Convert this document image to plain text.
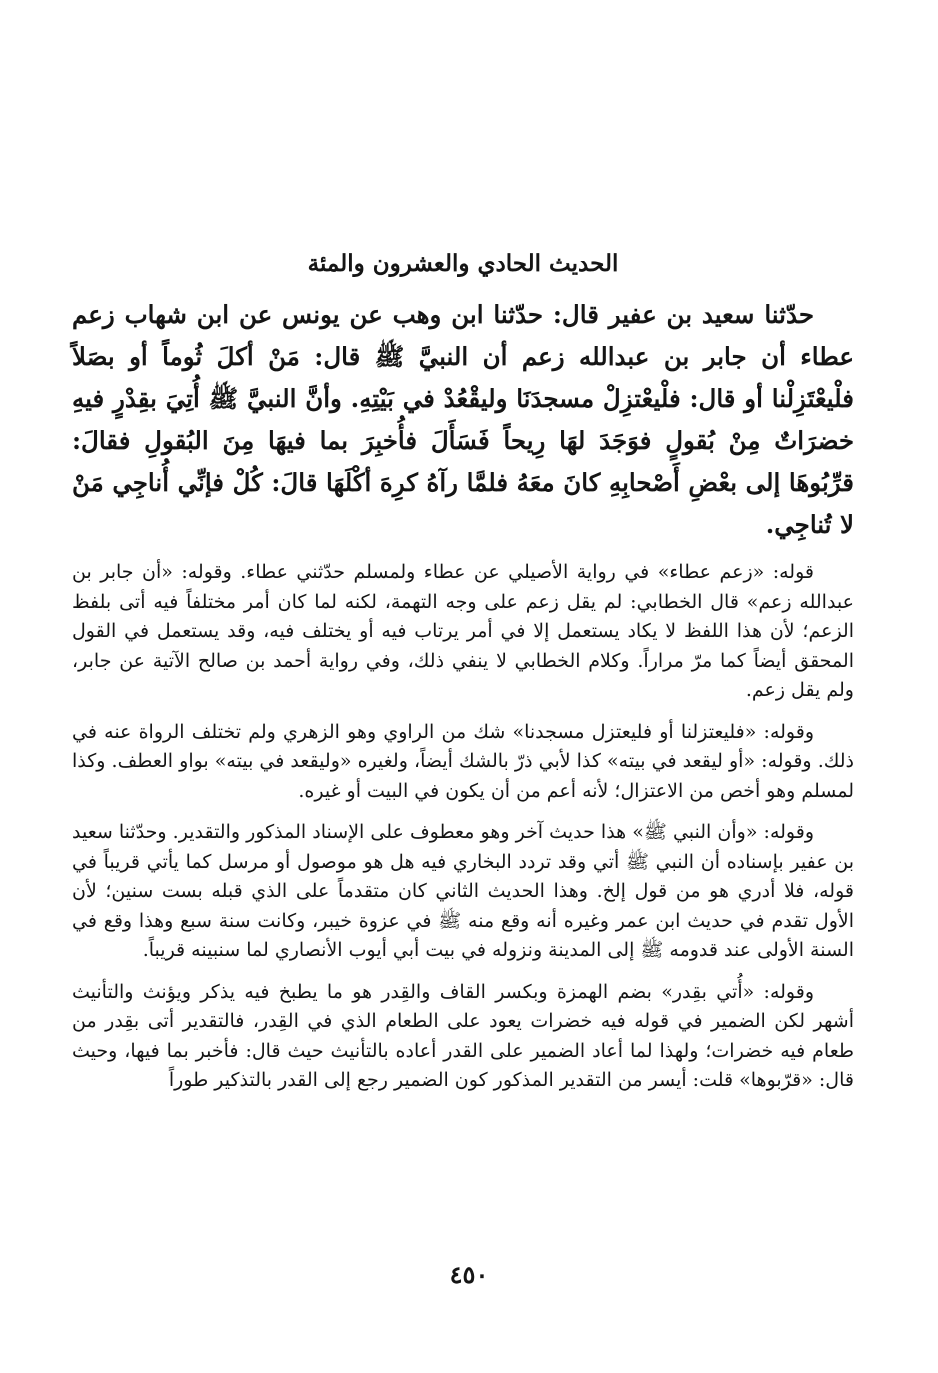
الحديث الحادي والعشرون والمئة

حدّثنا سعيد بن عفير قال: حدّثنا ابن وهب عن يونس عن ابن شهاب زعم عطاء أن جابر بن عبدالله زعم أن النبيَّ ﷺ قال: مَنْ أكلَ ثُوماً أو بصَلاً فلْيعْتَزِلْنا أو قال: فلْيعْتزِلْ مسجدَنَا وليقْعُدْ في بَيْتِهِ. وأنَّ النبيَّ ﷺ أُتِيَ بقِدْرٍ فيهِ خضرَاتٌ مِنْ بُقولٍ فوَجَدَ لهَا رِيحاً فَسَأَلَ فأُخبِرَ بما فيهَا مِنَ البُقولِ فقالَ: قرِّبُوهَا إلى بعْضِ أَصْحابِهِ كانَ معَهُ فلمَّا رآهُ كرِهَ أكْلَهَا قالَ: كُلْ فإنِّي أُناجِي مَنْ لا تُناجِي.

قوله: «زعم عطاء» في رواية الأصيلي عن عطاء ولمسلم حدّثني عطاء. وقوله: «أن جابر بن عبدالله زعم» قال الخطابي: لم يقل زعم على وجه التهمة، لكنه لما كان أمر مختلفاً فيه أتى بلفظ الزعم؛ لأن هذا اللفظ لا يكاد يستعمل إلا في أمر يرتاب فيه أو يختلف فيه، وقد يستعمل في القول المحقق أيضاً كما مرّ مراراً. وكلام الخطابي لا ينفي ذلك، وفي رواية أحمد بن صالح الآتية عن جابر، ولم يقل زعم.

وقوله: «فليعتزلنا أو فليعتزل مسجدنا» شك من الراوي وهو الزهري ولم تختلف الرواة عنه في ذلك. وقوله: «أو ليقعد في بيته» كذا لأبي ذرّ بالشك أيضاً، ولغيره «وليقعد في بيته» بواو العطف. وكذا لمسلم وهو أخص من الاعتزال؛ لأنه أعم من أن يكون في البيت أو غيره.

وقوله: «وأن النبي ﷺ» هذا حديث آخر وهو معطوف على الإسناد المذكور والتقدير. وحدّثنا سعيد بن عفير بإسناده أن النبي ﷺ أتي وقد تردد البخاري فيه هل هو موصول أو مرسل كما يأتي قريباً في قوله، فلا أدري هو من قول إلخ. وهذا الحديث الثاني كان متقدماً على الذي قبله بست سنين؛ لأن الأول تقدم في حديث ابن عمر وغيره أنه وقع منه ﷺ في عزوة خيبر، وكانت سنة سبع وهذا وقع في السنة الأولى عند قدومه ﷺ إلى المدينة ونزوله في بيت أبي أيوب الأنصاري لما سنبينه قريباً.

وقوله: «أُتي بقِدر» بضم الهمزة وبكسر القاف والقِدر هو ما يطبخ فيه يذكر ويؤنث والتأنيث أشهر لكن الضمير في قوله فيه خضرات يعود على الطعام الذي في القِدر، فالتقدير أتى بقِدر من طعام فيه خضرات؛ ولهذا لما أعاد الضمير على القدر أعاده بالتأنيث حيث قال: فأخبر بما فيها، وحيث قال: «قرّبوها» قلت: أيسر من التقدير المذكور كون الضمير رجع إلى القدر بالتذكير طوراً

٤٥٠
